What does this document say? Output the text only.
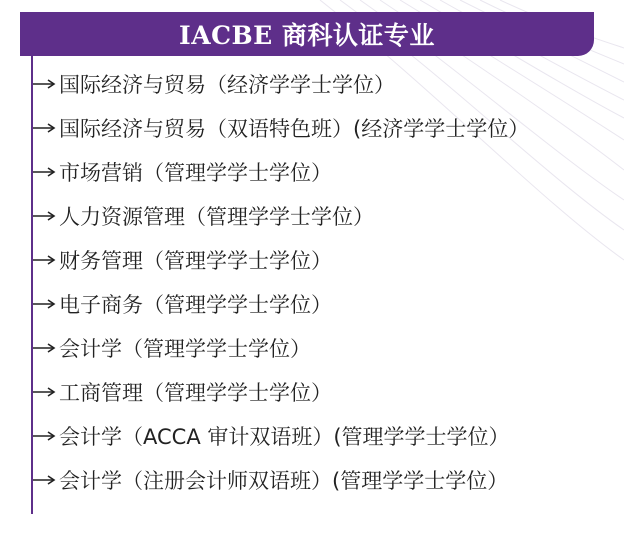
IACBE 商科认证专业
国际经济与贸易（经济学学士学位）
国际经济与贸易（双语特色班）(经济学学士学位）
市场营销（管理学学士学位）
人力资源管理（管理学学士学位）
财务管理（管理学学士学位）
电子商务（管理学学士学位）
会计学（管理学学士学位）
工商管理（管理学学士学位）
会计学（ACCA 审计双语班）(管理学学士学位）
会计学（注册会计师双语班）(管理学学士学位）
